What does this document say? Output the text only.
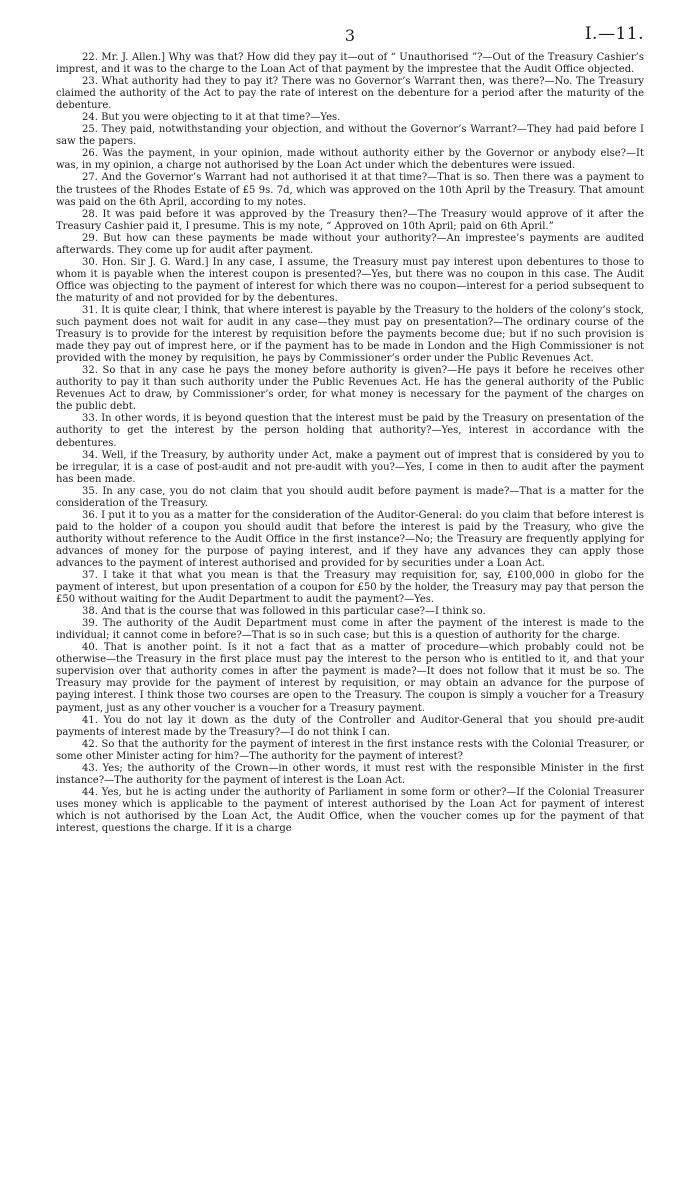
3	I.—11.

22. Mr. J. Allen.] Why was that? How did they pay it—out of “ Unauthorised ”?—Out of the Treasury Cashier’s imprest, and it was to the charge to the Loan Act of that payment by the imprestee that the Audit Office objected.

23. What authority had they to pay it? There was no Governor’s Warrant then, was there?—No. The Treasury claimed the authority of the Act to pay the rate of interest on the debenture for a period after the maturity of the debenture.

24. But you were objecting to it at that time?—Yes.

25. They paid, notwithstanding your objection, and without the Governor’s Warrant?—They had paid before I saw the papers.

26. Was the payment, in your opinion, made without authority either by the Governor or anybody else?—It was, in my opinion, a charge not authorised by the Loan Act under which the debentures were issued.

27. And the Governor’s Warrant had not authorised it at that time?—That is so. Then there was a payment to the trustees of the Rhodes Estate of £5 9s. 7d, which was approved on the 10th April by the Treasury. That amount was paid on the 6th April, according to my notes.

28. It was paid before it was approved by the Treasury then?—The Treasury would approve of it after the Treasury Cashier paid it, I presume. This is my note, “ Approved on 10th April; paid on 6th April.”

29. But how can these payments be made without your authority?—An imprestee’s payments are audited afterwards. They come up for audit after payment.

30. Hon. Sir J. G. Ward.] In any case, I assume, the Treasury must pay interest upon debentures to those to whom it is payable when the interest coupon is presented?—Yes, but there was no coupon in this case. The Audit Office was objecting to the payment of interest for which there was no coupon—interest for a period subsequent to the maturity of and not provided for by the debentures.

31. It is quite clear, I think, that where interest is payable by the Treasury to the holders of the colony’s stock, such payment does not wait for audit in any case—they must pay on presentation?—The ordinary course of the Treasury is to provide for the interest by requisition before the payments become due; but if no such provision is made they pay out of imprest here, or if the payment has to be made in London and the High Commissioner is not provided with the money by requisition, he pays by Commissioner’s order under the Public Revenues Act.

32. So that in any case he pays the money before authority is given?—He pays it before he receives other authority to pay it than such authority under the Public Revenues Act. He has the general authority of the Public Revenues Act to draw, by Commissioner’s order, for what money is necessary for the payment of the charges on the public debt.

33. In other words, it is beyond question that the interest must be paid by the Treasury on presentation of the authority to get the interest by the person holding that authority?—Yes, interest in accordance with the debentures.

34. Well, if the Treasury, by authority under Act, make a payment out of imprest that is considered by you to be irregular, it is a case of post-audit and not pre-audit with you?—Yes, I come in then to audit after the payment has been made.

35. In any case, you do not claim that you should audit before payment is made?—That is a matter for the consideration of the Treasury.

36. I put it to you as a matter for the consideration of the Auditor-General: do you claim that before interest is paid to the holder of a coupon you should audit that before the interest is paid by the Treasury, who give the authority without reference to the Audit Office in the first instance?—No; the Treasury are frequently applying for advances of money for the purpose of paying interest, and if they have any advances they can apply those advances to the payment of interest authorised and provided for by securities under a Loan Act.

37. I take it that what you mean is that the Treasury may requisition for, say, £100,000 in globo for the payment of interest, but upon presentation of a coupon for £50 by the holder, the Treasury may pay that person the £50 without waiting for the Audit Department to audit the payment?—Yes.

38. And that is the course that was followed in this particular case?—I think so.

39. The authority of the Audit Department must come in after the payment of the interest is made to the individual; it cannot come in before?—That is so in such case; but this is a question of authority for the charge.

40. That is another point. Is it not a fact that as a matter of procedure—which probably could not be otherwise—the Treasury in the first place must pay the interest to the person who is entitled to it, and that your supervision over that authority comes in after the payment is made?—It does not follow that it must be so. The Treasury may provide for the payment of interest by requisition, or may obtain an advance for the purpose of paying interest. I think those two courses are open to the Treasury. The coupon is simply a voucher for a Treasury payment, just as any other voucher is a voucher for a Treasury payment.

41. You do not lay it down as the duty of the Controller and Auditor-General that you should pre-audit payments of interest made by the Treasury?—I do not think I can.

42. So that the authority for the payment of interest in the first instance rests with the Colonial Treasurer, or some other Minister acting for him?—The authority for the payment of interest?

43. Yes; the authority of the Crown—in other words, it must rest with the responsible Minister in the first instance?—The authority for the payment of interest is the Loan Act.

44. Yes, but he is acting under the authority of Parliament in some form or other?—If the Colonial Treasurer uses money which is applicable to the payment of interest authorised by the Loan Act for payment of interest which is not authorised by the Loan Act, the Audit Office, when the voucher comes up for the payment of that interest, questions the charge. If it is a charge
